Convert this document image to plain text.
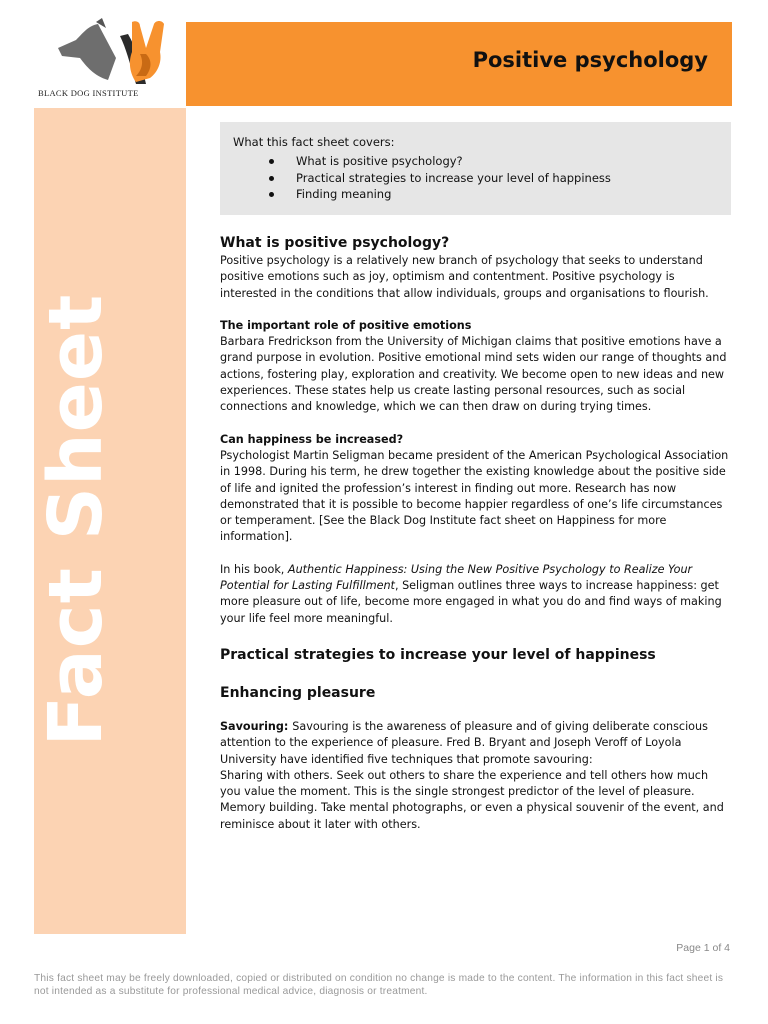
BLACK DOG INSTITUTE
Positive psychology
Fact Sheet
What this fact sheet covers:
What is positive psychology?
Practical strategies to increase your level of happiness
Finding meaning

What is positive psychology?

Positive psychology is a relatively new branch of psychology that seeks to understand positive emotions such as joy, optimism and contentment. Positive psychology is interested in the conditions that allow individuals, groups and organisations to flourish.

The important role of positive emotions

Barbara Fredrickson from the University of Michigan claims that positive emotions have a grand purpose in evolution. Positive emotional mind sets widen our range of thoughts and actions, fostering play, exploration and creativity. We become open to new ideas and new experiences. These states help us create lasting personal resources, such as social connections and knowledge, which we can then draw on during trying times.

Can happiness be increased?

Psychologist Martin Seligman became president of the American Psychological Association in 1998. During his term, he drew together the existing knowledge about the positive side of life and ignited the profession’s interest in finding out more. Research has now demonstrated that it is possible to become happier regardless of one’s life circumstances or temperament. [See the Black Dog Institute fact sheet on Happiness for more information].

In his book, Authentic Happiness: Using the New Positive Psychology to Realize Your Potential for Lasting Fulfillment, Seligman outlines three ways to increase happiness: get more pleasure out of life, become more engaged in what you do and find ways of making your life feel more meaningful.

Practical strategies to increase your level of happiness

Enhancing pleasure

Savouring: Savouring is the awareness of pleasure and of giving deliberate conscious attention to the experience of pleasure. Fred B. Bryant and Joseph Veroff of Loyola University have identified five techniques that promote savouring:

Sharing with others. Seek out others to share the experience and tell others how much you value the moment. This is the single strongest predictor of the level of pleasure.

Memory building. Take mental photographs, or even a physical souvenir of the event, and reminisce about it later with others.

Page 1 of 4
This fact sheet may be freely downloaded, copied or distributed on condition no change is made to the content. The information in this fact sheet is not intended as a substitute for professional medical advice, diagnosis or treatment.
